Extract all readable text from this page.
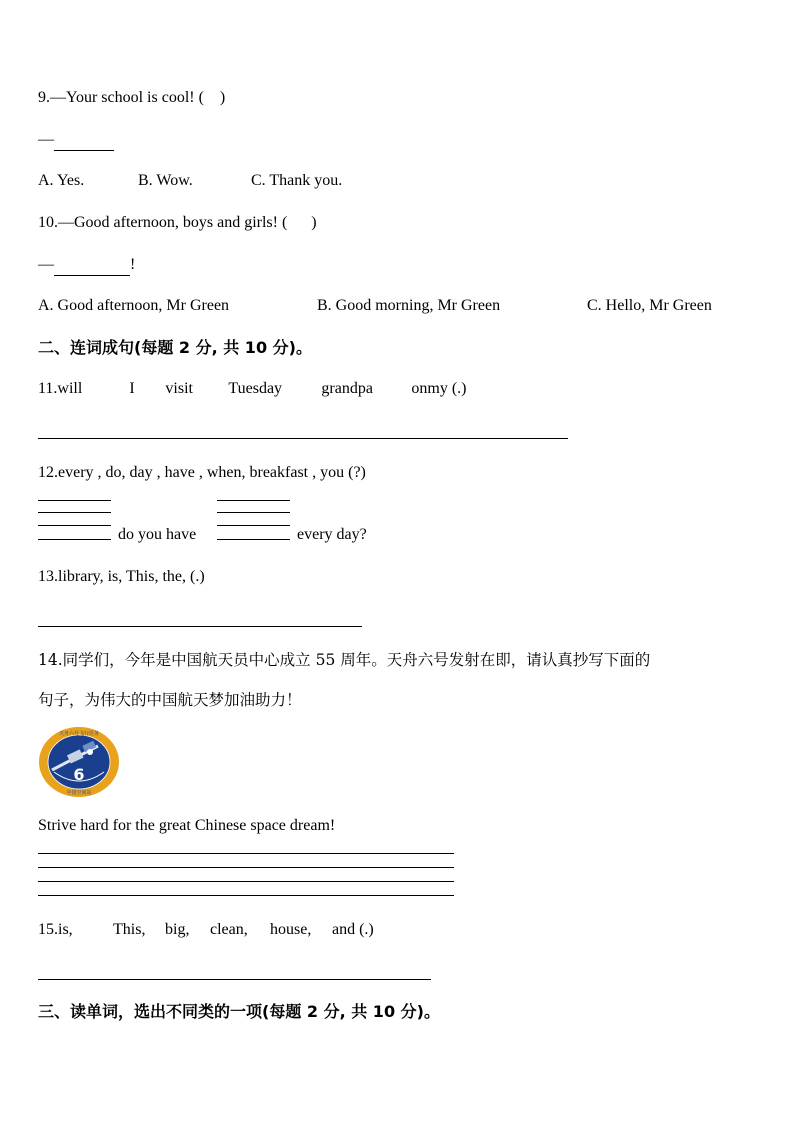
9.—Your school is cool! (    )
—
A. Yes.	B. Wow.	C. Thank you.
10.—Good afternoon, boys and girls! (      )
—	!
A. Good afternoon, Mr Green	B. Good morning, Mr Green	C. Hello, Mr Green
二、连词成句(每题 2 分, 共 10 分)。
11.will	I visit Tuesday grandpa onmy (.)
12.every , do, day , have , when, breakfast , you (?)
do you have	every day?
13.library, is, This, the, (.)
14.同学们，今年是中国航天员中心成立 55 周年。天舟六号发射在即，请认真抄写下面的
句子，为伟大的中国航天梦加油助力！
6
天舟六号飞行任务
中国空间站
Strive hard for the great Chinese space dream!
15.is,	This, big, clean, house, and (.)
三、读单词，选出不同类的一项(每题 2 分, 共 10 分)。
